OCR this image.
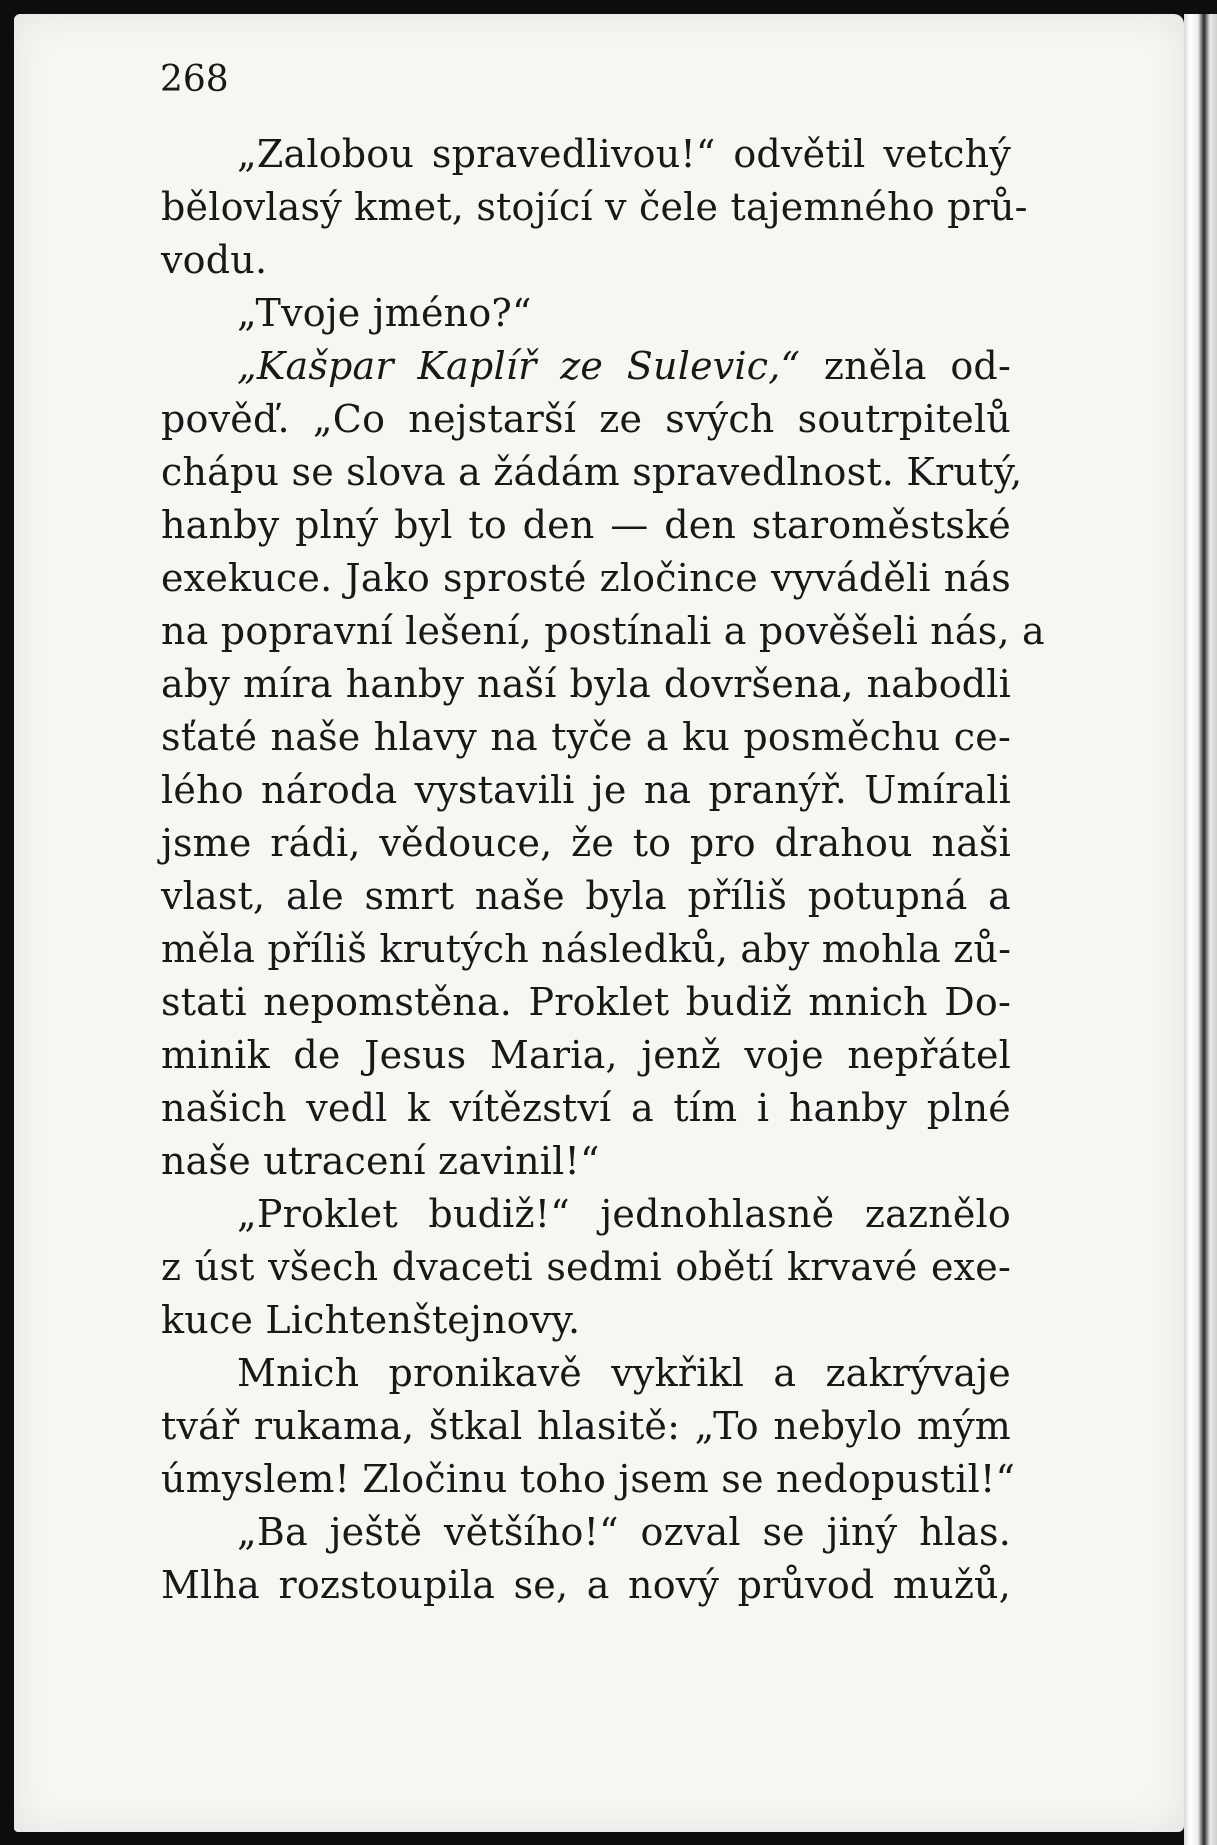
268
„Zalobou spravedlivou!“ odvětil vetchý
bělovlasý kmet, stojící v čele tajemného prů-
vodu.
„Tvoje jméno?“
„Kašpar Kaplíř ze Sulevic,“ zněla od-
pověď. „Co nejstarší ze svých soutrpitelů
chápu se slova a žádám spravedlnost. Krutý,
hanby plný byl to den — den staroměstské
exekuce. Jako sprosté zločince vyváděli nás
na popravní lešení, postínali a pověšeli nás, a
aby míra hanby naší byla dovršena, nabodli
sťaté naše hlavy na tyče a ku posměchu ce-
lého národa vystavili je na pranýř. Umírali
jsme rádi, vědouce, že to pro drahou naši
vlast, ale smrt naše byla příliš potupná a
měla příliš krutých následků, aby mohla zů-
stati nepomstěna. Proklet budiž mnich Do-
minik de Jesus Maria, jenž voje nepřátel
našich vedl k vítězství a tím i hanby plné
naše utracení zavinil!“
„Proklet budiž!“ jednohlasně zaznělo
z úst všech dvaceti sedmi obětí krvavé exe-
kuce Lichtenštejnovy.
Mnich pronikavě vykřikl a zakrývaje
tvář rukama, štkal hlasitě: „To nebylo mým
úmyslem! Zločinu toho jsem se nedopustil!“
„Ba ještě většího!“ ozval se jiný hlas.
Mlha rozstoupila se, a nový průvod mužů,
